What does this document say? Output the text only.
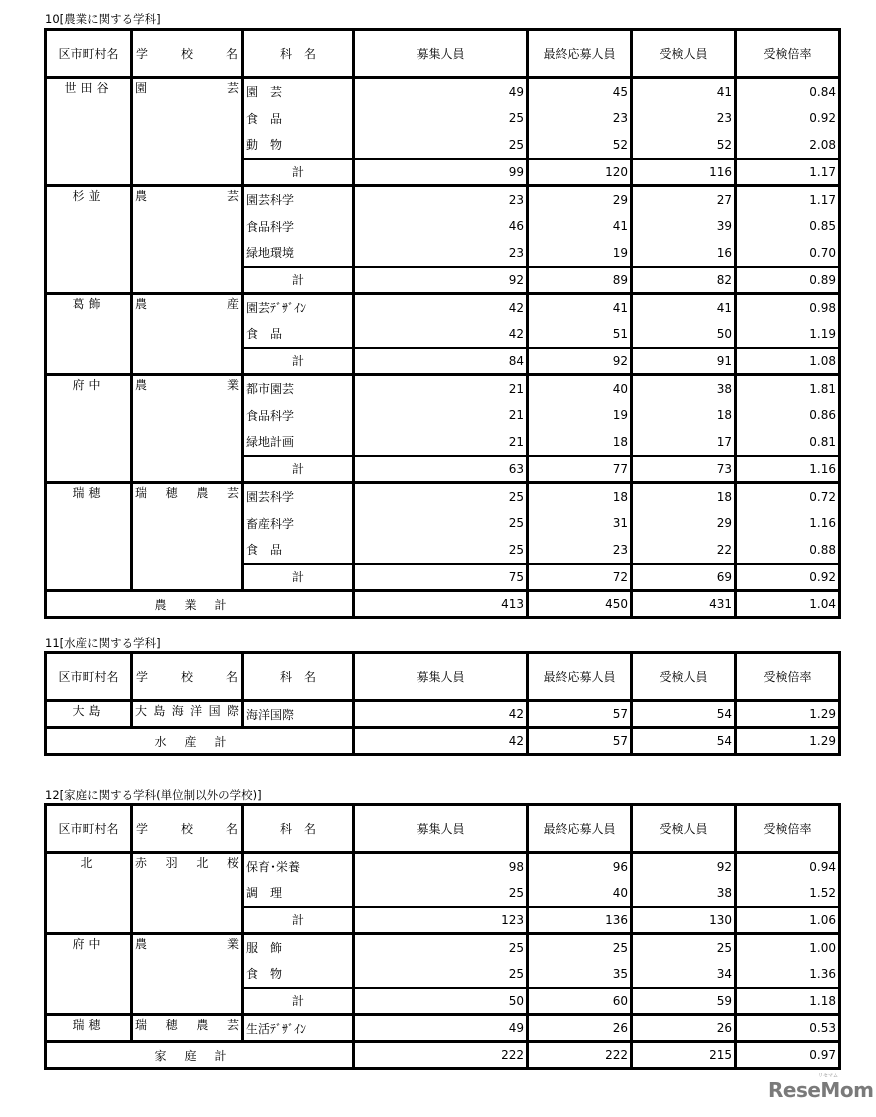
10[農業に関する学科]
区市町村名	学 校 名	科　名	募集人員	最終応募人員	受検人員	受検倍率
世田谷	園 芸	園　芸	49	45	41	0.84
		食　品	25	23	23	0.92
		動　物	25	52	52	2.08
		計	99	120	116	1.17
杉並	農 芸	園芸科学	23	29	27	1.17
		食品科学	46	41	39	0.85
		緑地環境	23	19	16	0.70
		計	92	89	82	0.89
葛飾	農 産	園芸ﾃﾞｻﾞｲﾝ	42	41	41	0.98
		食　品	42	51	50	1.19
		計	84	92	91	1.08
府中	農 業	都市園芸	21	40	38	1.81
		食品科学	21	19	18	0.86
		緑地計画	21	18	17	0.81
		計	63	77	73	1.16
瑞穂	瑞 穂 農 芸	園芸科学	25	18	18	0.72
		畜産科学	25	31	29	1.16
		食　品	25	23	22	0.88
		計	75	72	69	0.92
農業計			413	450	431	1.04
11[水産に関する学科]
区市町村名	学 校 名	科　名	募集人員	最終応募人員	受検人員	受検倍率
大島	大 島 海 洋 国 際	海洋国際	42	57	54	1.29
水産計			42	57	54	1.29
12[家庭に関する学科(単位制以外の学校)]
区市町村名	学 校 名	科　名	募集人員	最終応募人員	受検人員	受検倍率
北	赤 羽 北 桜	保育･栄養	98	96	92	0.94
		調　理	25	40	38	1.52
		計	123	136	130	1.06
府中	農 業	服　飾	25	25	25	1.00
		食　物	25	35	34	1.36
		計	50	60	59	1.18
瑞穂	瑞 穂 農 芸	生活ﾃﾞｻﾞｲﾝ	49	26	26	0.53
家庭計			222	222	215	0.97
ReseMom
リセマム
